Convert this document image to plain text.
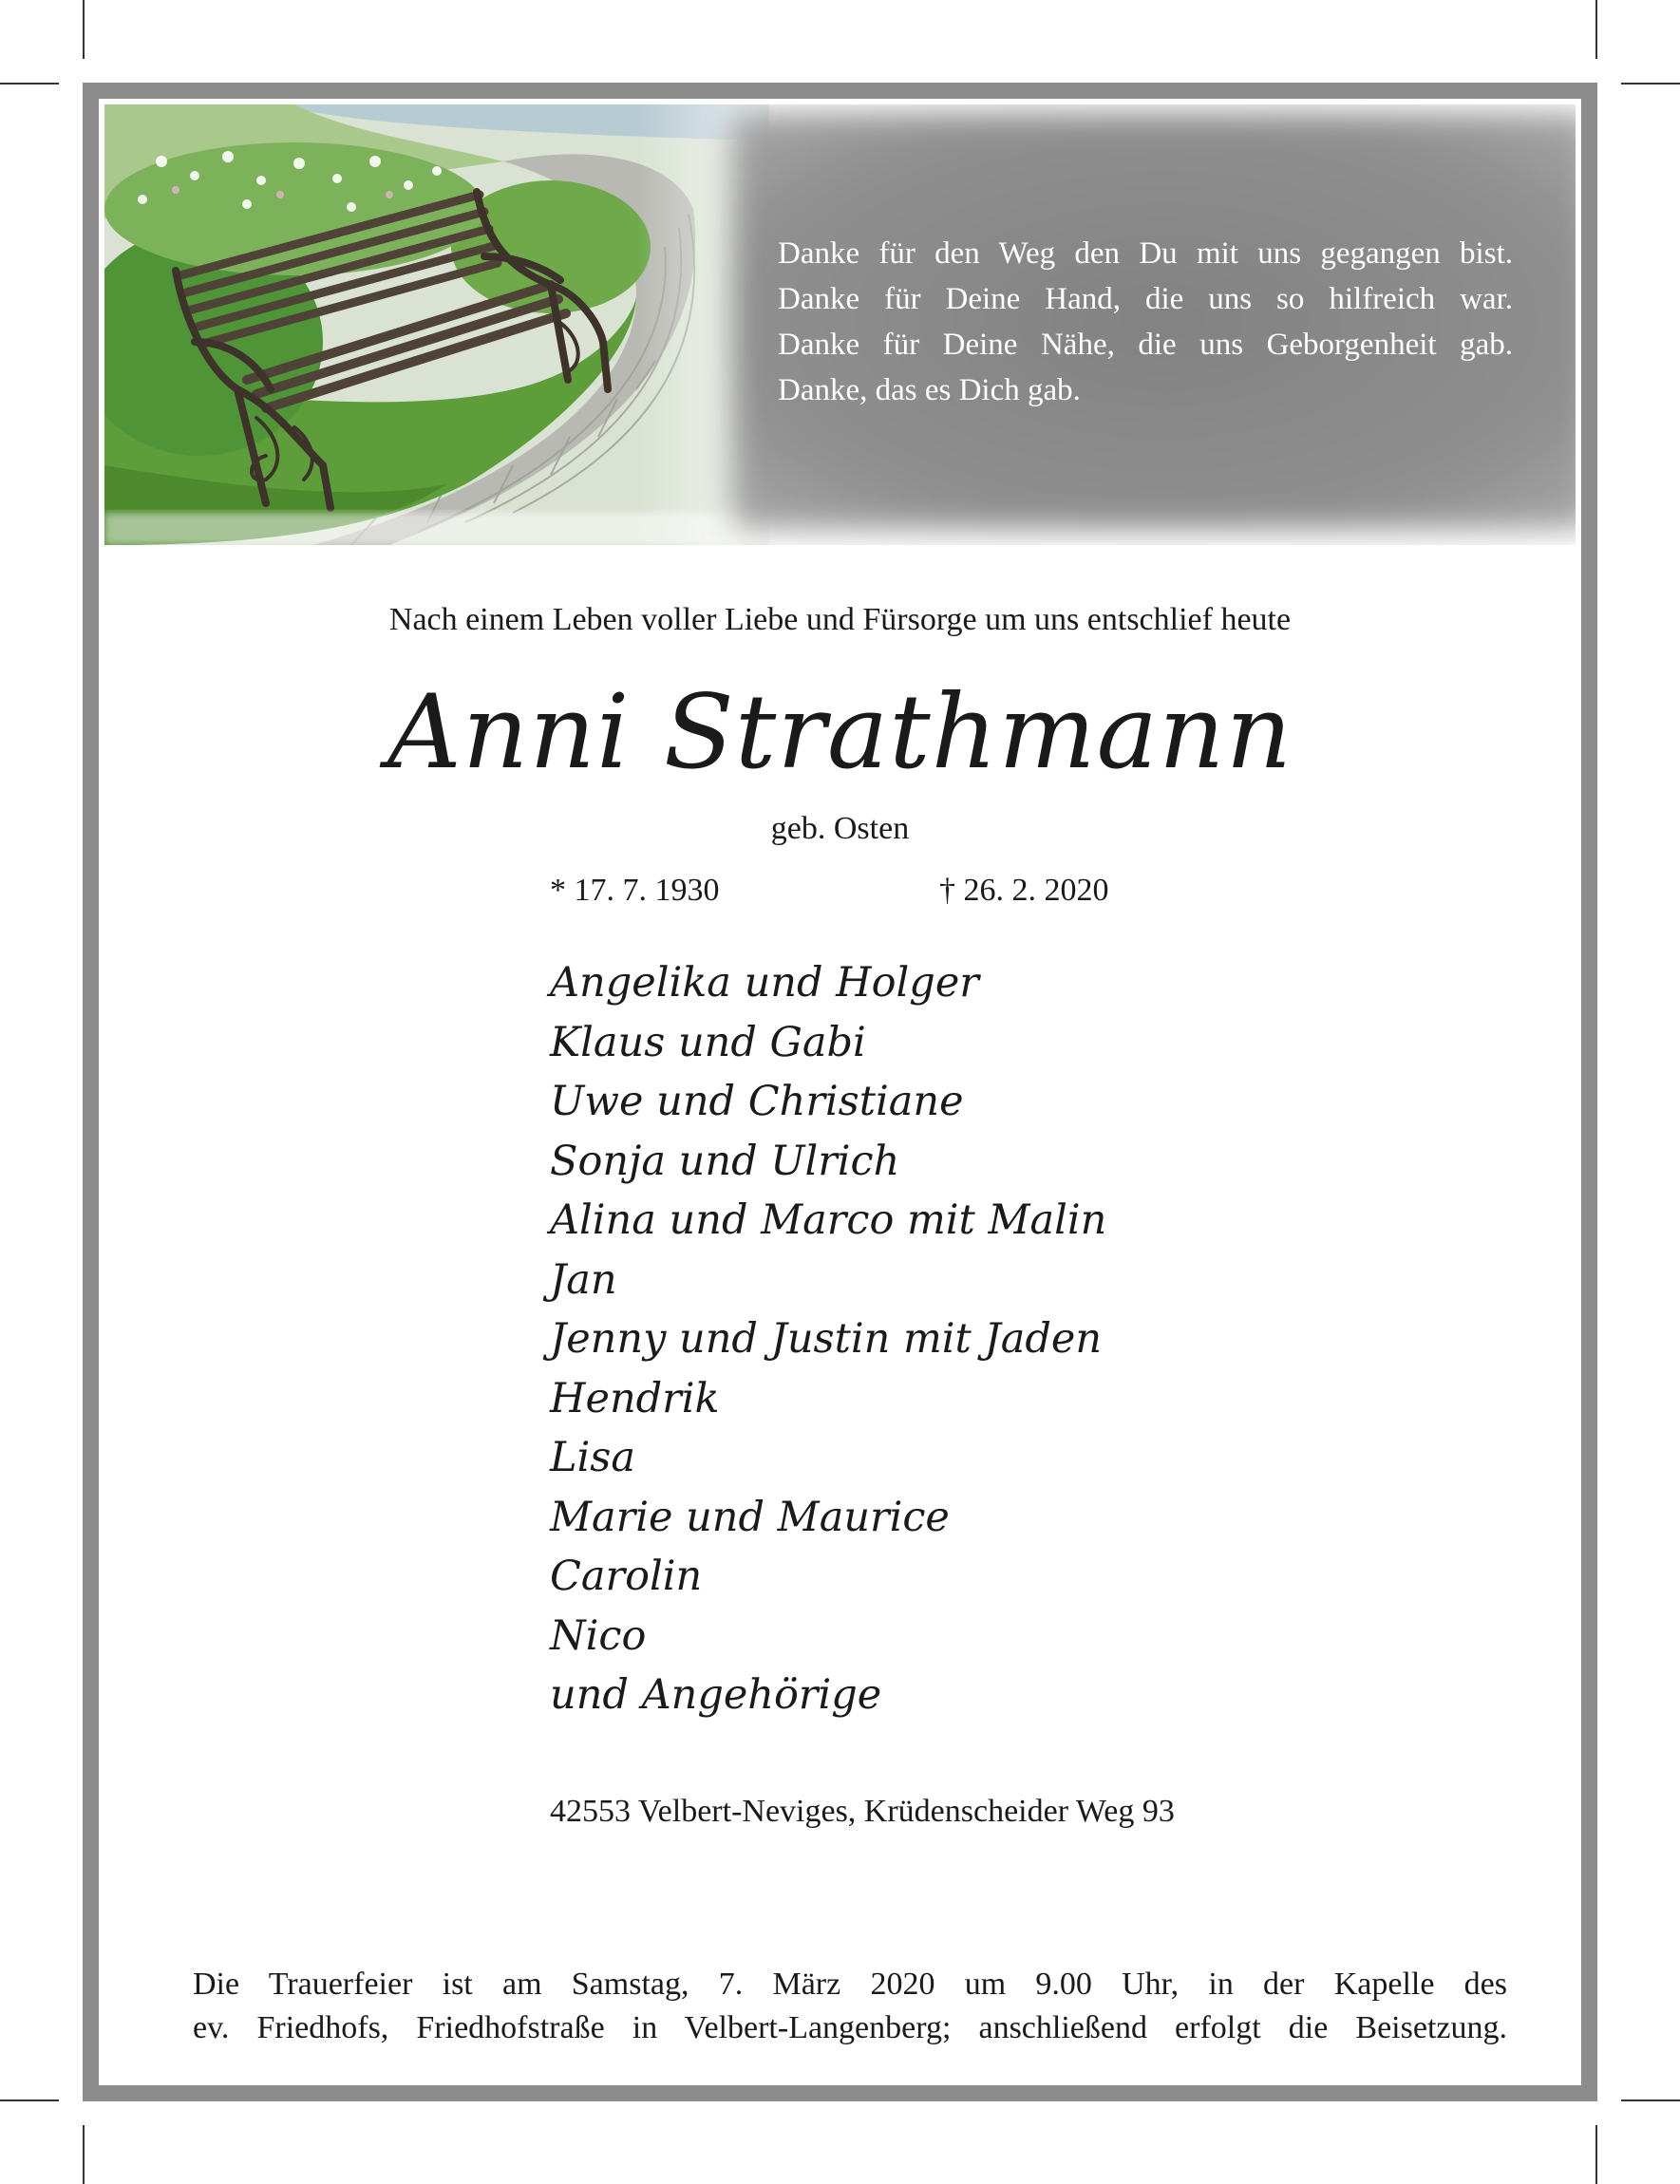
Danke für den Weg den Du mit uns gegangen bist.
Danke für Deine Hand, die uns so hilfreich war.
Danke für Deine Nähe, die uns Geborgenheit gab.
Danke, das es Dich gab.
Nach einem Leben voller Liebe und Fürsorge um uns entschlief heute
Anni Strathmann
geb. Osten
* 17. 7. 1930	† 26. 2. 2020
Angelika und Holger
Klaus und Gabi
Uwe und Christiane
Sonja und Ulrich
Alina und Marco mit Malin
Jan
Jenny und Justin mit Jaden
Hendrik
Lisa
Marie und Maurice
Carolin
Nico
und Angehörige
42553 Velbert-Neviges, Krüdenscheider Weg 93
Die Trauerfeier ist am Samstag, 7. März 2020 um 9.00 Uhr, in der Kapelle des
ev. Friedhofs, Friedhofstraße in Velbert-Langenberg; anschließend erfolgt die Beisetzung.
